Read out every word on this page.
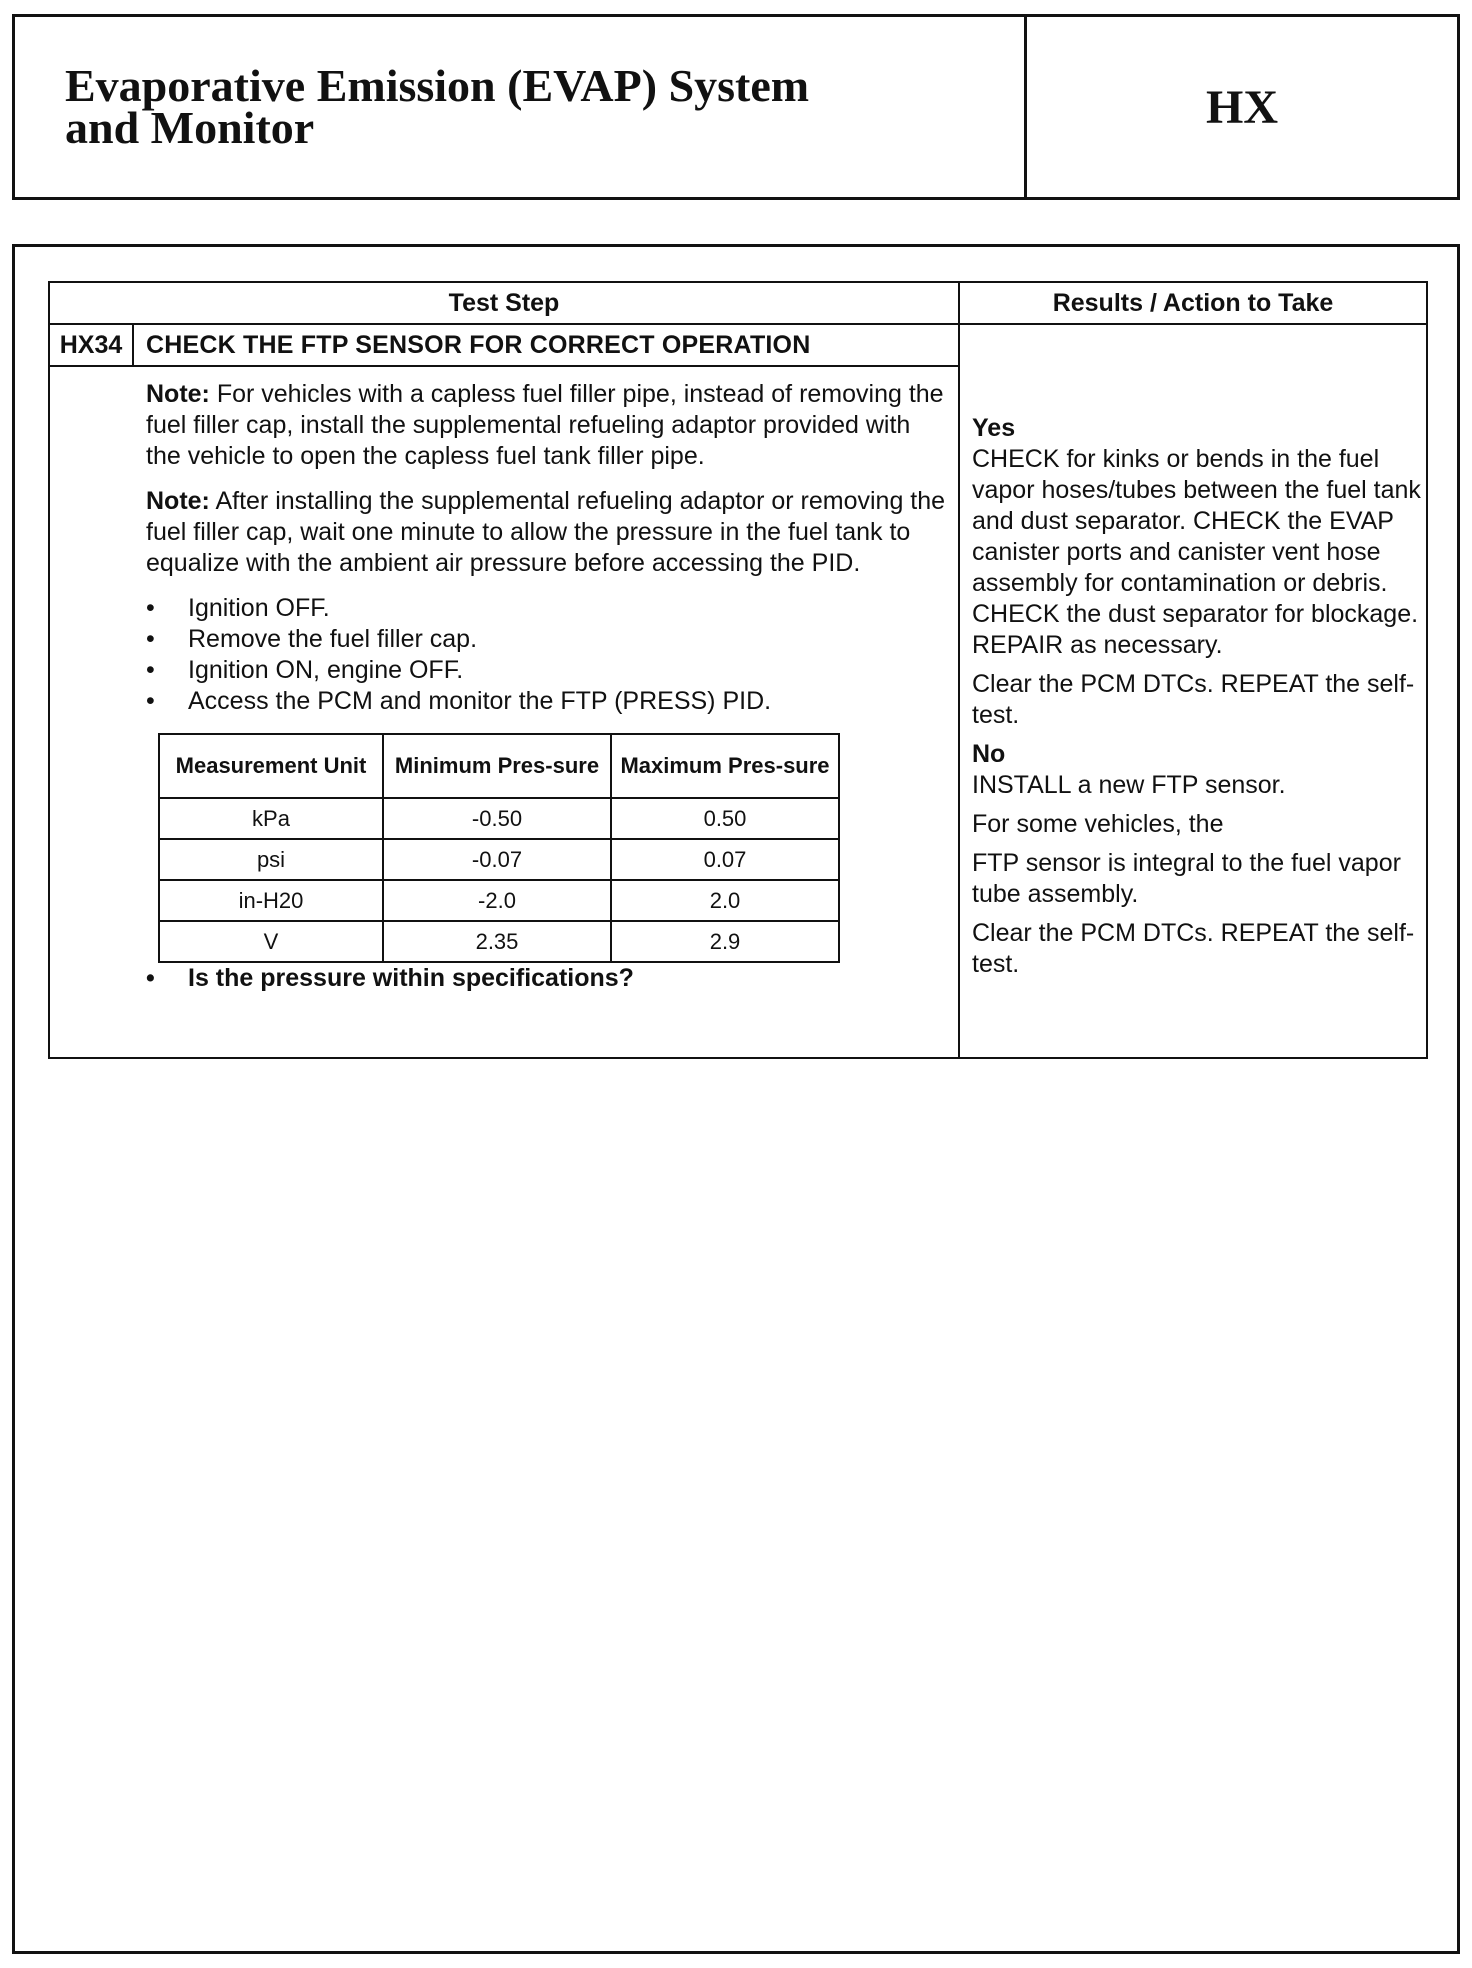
Evaporative Emission (EVAP) System
and Monitor	HX
Test Step
HX34 CHECK THE FTP SENSOR FOR CORRECT OPERATION

Note: For vehicles with a capless fuel filler pipe, instead of removing the fuel filler cap, install the supplemental refueling adaptor provided with the vehicle to open the capless fuel tank filler pipe.

Note: After installing the supplemental refueling adaptor or removing the fuel filler cap, wait one minute to allow the pressure in the fuel tank to equalize with the ambient air pressure before accessing the PID.

• Ignition OFF.
• Remove the fuel filler cap.
• Ignition ON, engine OFF.
• Access the PCM and monitor the FTP (PRESS) PID.
Measurement Unit	Minimum Pres-sure	Maximum Pres-sure
kPa	-0.50	0.50
psi	-0.07	0.07
in-H20	-2.0	2.0
V	2.35	2.9
• Is the pressure within specifications?
Results / Action to Take

Yes

CHECK for kinks or bends in the fuel vapor hoses/tubes between the fuel tank and dust separator. CHECK the EVAP canister ports and canister vent hose assembly for contamination or debris. CHECK the dust separator for blockage. REPAIR as necessary.

Clear the PCM DTCs. REPEAT the self-test.

No

INSTALL a new FTP sensor.

For some vehicles, the

FTP sensor is integral to the fuel vapor tube assembly.

Clear the PCM DTCs. REPEAT the self-test.
